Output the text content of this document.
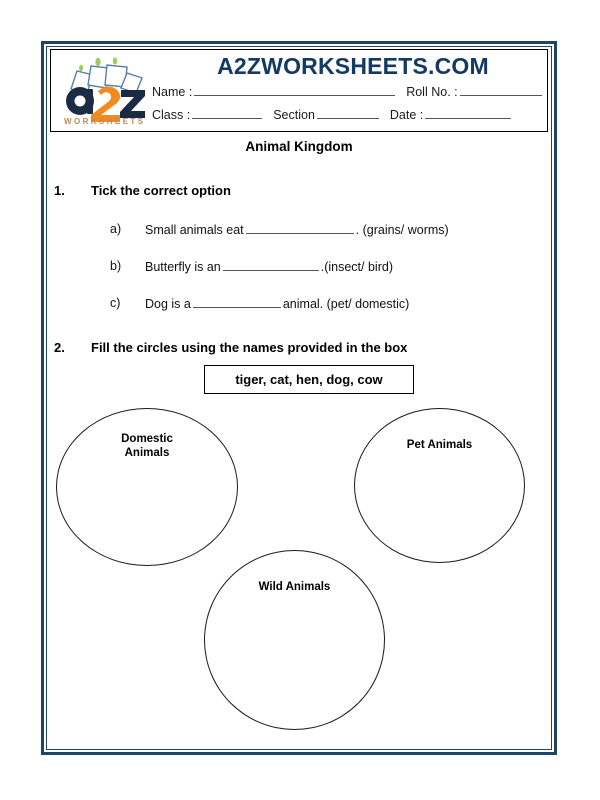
WORKSHEETS
A2ZWORKSHEETS.COM
Name :	Roll No. :
Class :	Section	Date :
Animal Kingdom
1. Tick the correct option
a) Small animals eat	. (grains/ worms)
b) Butterfly is an	.(insect/ bird)
c) Dog is a	animal. (pet/ domestic)
2. Fill the circles using the names provided in the box
tiger, cat, hen, dog, cow
Domestic
Animals
Pet Animals
Wild Animals
